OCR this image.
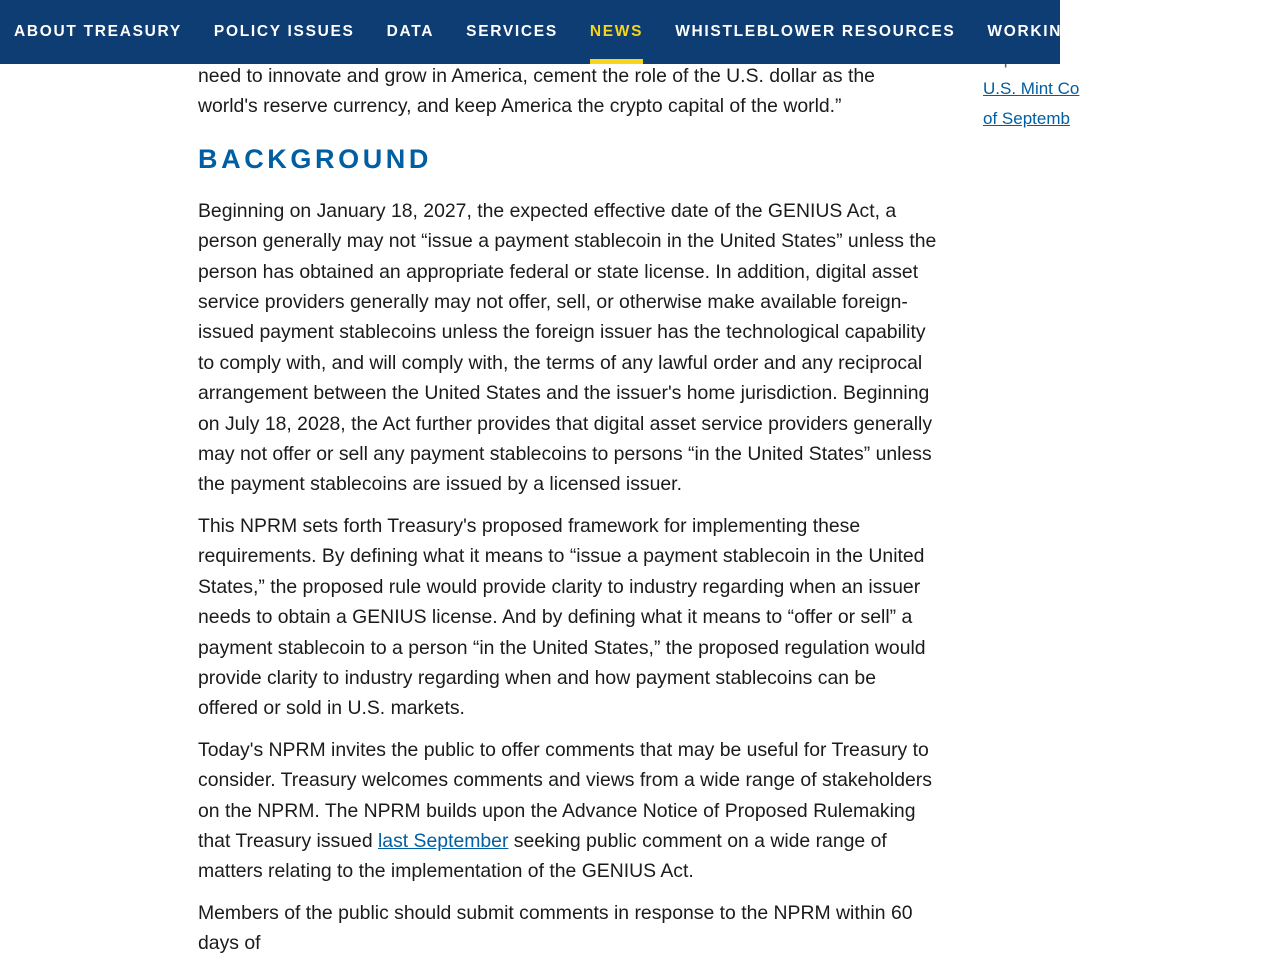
ABOUT TREASURY	POLICY ISSUES	DATA	SERVICES	NEWS	WHISTLEBLOWER RESOURCES	WORKING FAMILIES TAX CUTS
U.S. Mint Co
of Septemb

need to innovate and grow in America, cement the role of the U.S. dollar as the world's reserve currency, and keep America the crypto capital of the world.”

BACKGROUND

Beginning on January 18, 2027, the expected effective date of the GENIUS Act, a person generally may not “issue a payment stablecoin in the United States” unless the person has obtained an appropriate federal or state license. In addition, digital asset service providers generally may not offer, sell, or otherwise make available foreign-issued payment stablecoins unless the foreign issuer has the technological capability to comply with, and will comply with, the terms of any lawful order and any reciprocal arrangement between the United States and the issuer's home jurisdiction. Beginning on July 18, 2028, the Act further provides that digital asset service providers generally may not offer or sell any payment stablecoins to persons “in the United States” unless the payment stablecoins are issued by a licensed issuer.

This NPRM sets forth Treasury's proposed framework for implementing these requirements. By defining what it means to “issue a payment stablecoin in the United States,” the proposed rule would provide clarity to industry regarding when an issuer needs to obtain a GENIUS license. And by defining what it means to “offer or sell” a payment stablecoin to a person “in the United States,” the proposed regulation would provide clarity to industry regarding when and how payment stablecoins can be offered or sold in U.S. markets.

Today's NPRM invites the public to offer comments that may be useful for Treasury to consider. Treasury welcomes comments and views from a wide range of stakeholders on the NPRM. The NPRM builds upon the Advance Notice of Proposed Rulemaking that Treasury issued last September seeking public comment on a wide range of matters relating to the implementation of the GENIUS Act.

Members of the public should submit comments in response to the NPRM within 60 days of
